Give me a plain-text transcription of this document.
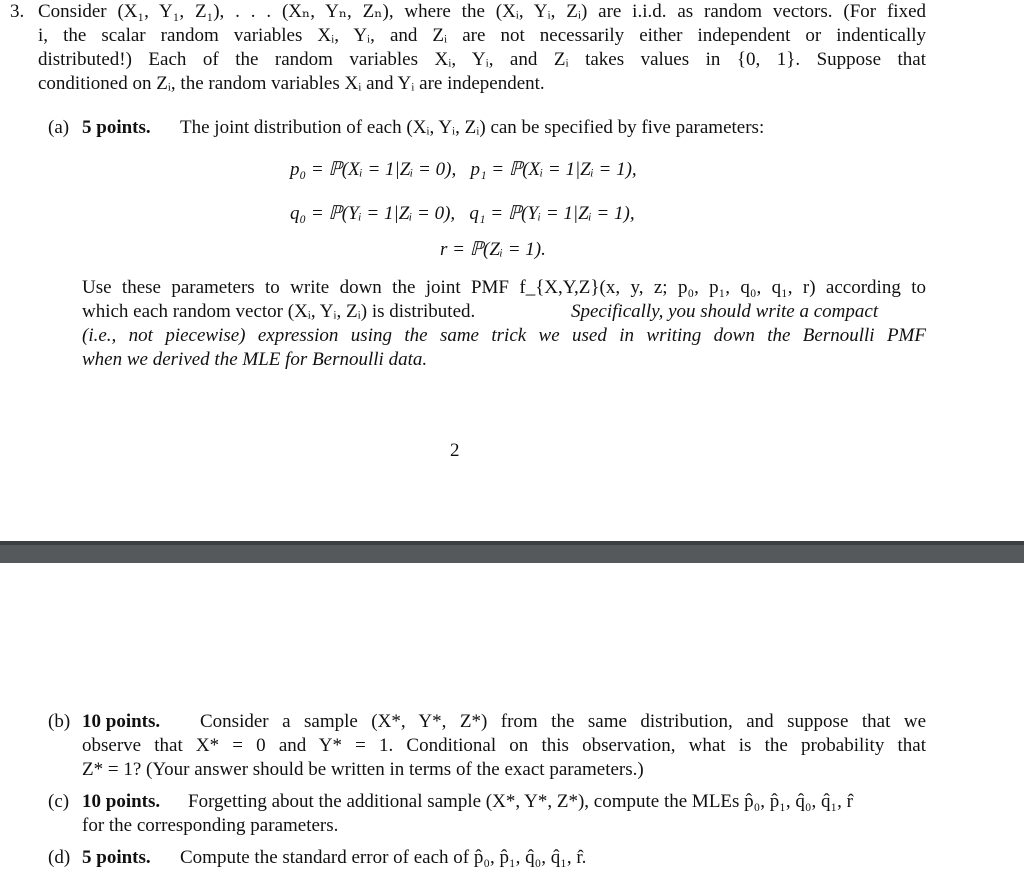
3. Consider (X₁, Y₁, Z₁), . . . (Xₙ, Yₙ, Zₙ), where the (Xᵢ, Yᵢ, Zᵢ) are i.i.d. as random vectors. (For fixed
i, the scalar random variables Xᵢ, Yᵢ, and Zᵢ are not necessarily either independent or indentically
distributed!) Each of the random variables Xᵢ, Yᵢ, and Zᵢ takes values in {0, 1}. Suppose that
conditioned on Zᵢ, the random variables Xᵢ and Yᵢ are independent.
(a) 5 points. The joint distribution of each (Xᵢ, Yᵢ, Zᵢ) can be specified by five parameters:
p₀ = ℙ(Xᵢ = 1|Zᵢ = 0),   p₁ = ℙ(Xᵢ = 1|Zᵢ = 1),
q₀ = ℙ(Yᵢ = 1|Zᵢ = 0),   q₁ = ℙ(Yᵢ = 1|Zᵢ = 1),
r = ℙ(Zᵢ = 1).
Use these parameters to write down the joint PMF f_{X,Y,Z}(x, y, z; p₀, p₁, q₀, q₁, r) according to
which each random vector (Xᵢ, Yᵢ, Zᵢ) is distributed.	Specifically, you should write a compact
(i.e., not piecewise) expression using the same trick we used in writing down the Bernoulli PMF
when we derived the MLE for Bernoulli data.
2
(b) 10 points. Consider a sample (X*, Y*, Z*) from the same distribution, and suppose that we
observe that X* = 0 and Y* = 1. Conditional on this observation, what is the probability that
Z* = 1? (Your answer should be written in terms of the exact parameters.)
(c) 10 points. Forgetting about the additional sample (X*, Y*, Z*), compute the MLEs p̂₀, p̂₁, q̂₀, q̂₁, r̂
for the corresponding parameters.
(d) 5 points. Compute the standard error of each of p̂₀, p̂₁, q̂₀, q̂₁, r̂.
